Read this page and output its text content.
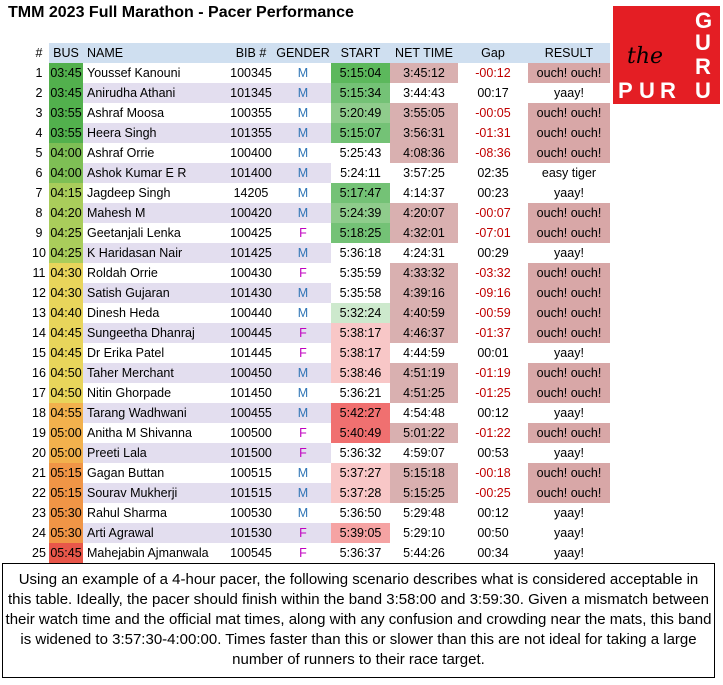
TMM 2023 Full Marathon - Pacer Performance	G
U
R
U
P U R
the
#	BUS	NAME	BIB #	GENDER	START	NET TIME	Gap	RESULT
1	03:45	Youssef Kanouni	100345	M	5:15:04	3:45:12	-00:12	ouch! ouch!
2	03:45	Anirudha Athani	101345	M	5:15:34	3:44:43	00:17	yaay!
3	03:55	Ashraf Moosa	100355	M	5:20:49	3:55:05	-00:05	ouch! ouch!
4	03:55	Heera Singh	101355	M	5:15:07	3:56:31	-01:31	ouch! ouch!
5	04:00	Ashraf Orrie	100400	M	5:25:43	4:08:36	-08:36	ouch! ouch!
6	04:00	Ashok Kumar E R	101400	M	5:24:11	3:57:25	02:35	easy tiger
7	04:15	Jagdeep Singh	14205	M	5:17:47	4:14:37	00:23	yaay!
8	04:20	Mahesh M	100420	M	5:24:39	4:20:07	-00:07	ouch! ouch!
9	04:25	Geetanjali Lenka	100425	F	5:18:25	4:32:01	-07:01	ouch! ouch!
10	04:25	K Haridasan Nair	101425	M	5:36:18	4:24:31	00:29	yaay!
11	04:30	Roldah Orrie	100430	F	5:35:59	4:33:32	-03:32	ouch! ouch!
12	04:30	Satish Gujaran	101430	M	5:35:58	4:39:16	-09:16	ouch! ouch!
13	04:40	Dinesh Heda	100440	M	5:32:24	4:40:59	-00:59	ouch! ouch!
14	04:45	Sungeetha Dhanraj	100445	F	5:38:17	4:46:37	-01:37	ouch! ouch!
15	04:45	Dr Erika Patel	101445	F	5:38:17	4:44:59	00:01	yaay!
16	04:50	Taher Merchant	100450	M	5:38:46	4:51:19	-01:19	ouch! ouch!
17	04:50	Nitin Ghorpade	101450	M	5:36:21	4:51:25	-01:25	ouch! ouch!
18	04:55	Tarang Wadhwani	100455	M	5:42:27	4:54:48	00:12	yaay!
19	05:00	Anitha M Shivanna	100500	F	5:40:49	5:01:22	-01:22	ouch! ouch!
20	05:00	Preeti Lala	101500	F	5:36:32	4:59:07	00:53	yaay!
21	05:15	Gagan Buttan	100515	M	5:37:27	5:15:18	-00:18	ouch! ouch!
22	05:15	Sourav Mukherji	101515	M	5:37:28	5:15:25	-00:25	ouch! ouch!
23	05:30	Rahul Sharma	100530	M	5:36:50	5:29:48	00:12	yaay!
24	05:30	Arti Agrawal	101530	F	5:39:05	5:29:10	00:50	yaay!
25	05:45	Mahejabin Ajmanwala	100545	F	5:36:37	5:44:26	00:34	yaay!
Using an example of a 4-hour pacer, the following scenario describes what is considered acceptable in this table. Ideally, the pacer should finish within the band 3:58:00 and 3:59:30. Given a mismatch between their watch time and the official mat times, along with any confusion and crowding near the mats, this band is widened to 3:57:30-4:00:00. Times faster than this or slower than this are not ideal for taking a large number of runners to their race target.
